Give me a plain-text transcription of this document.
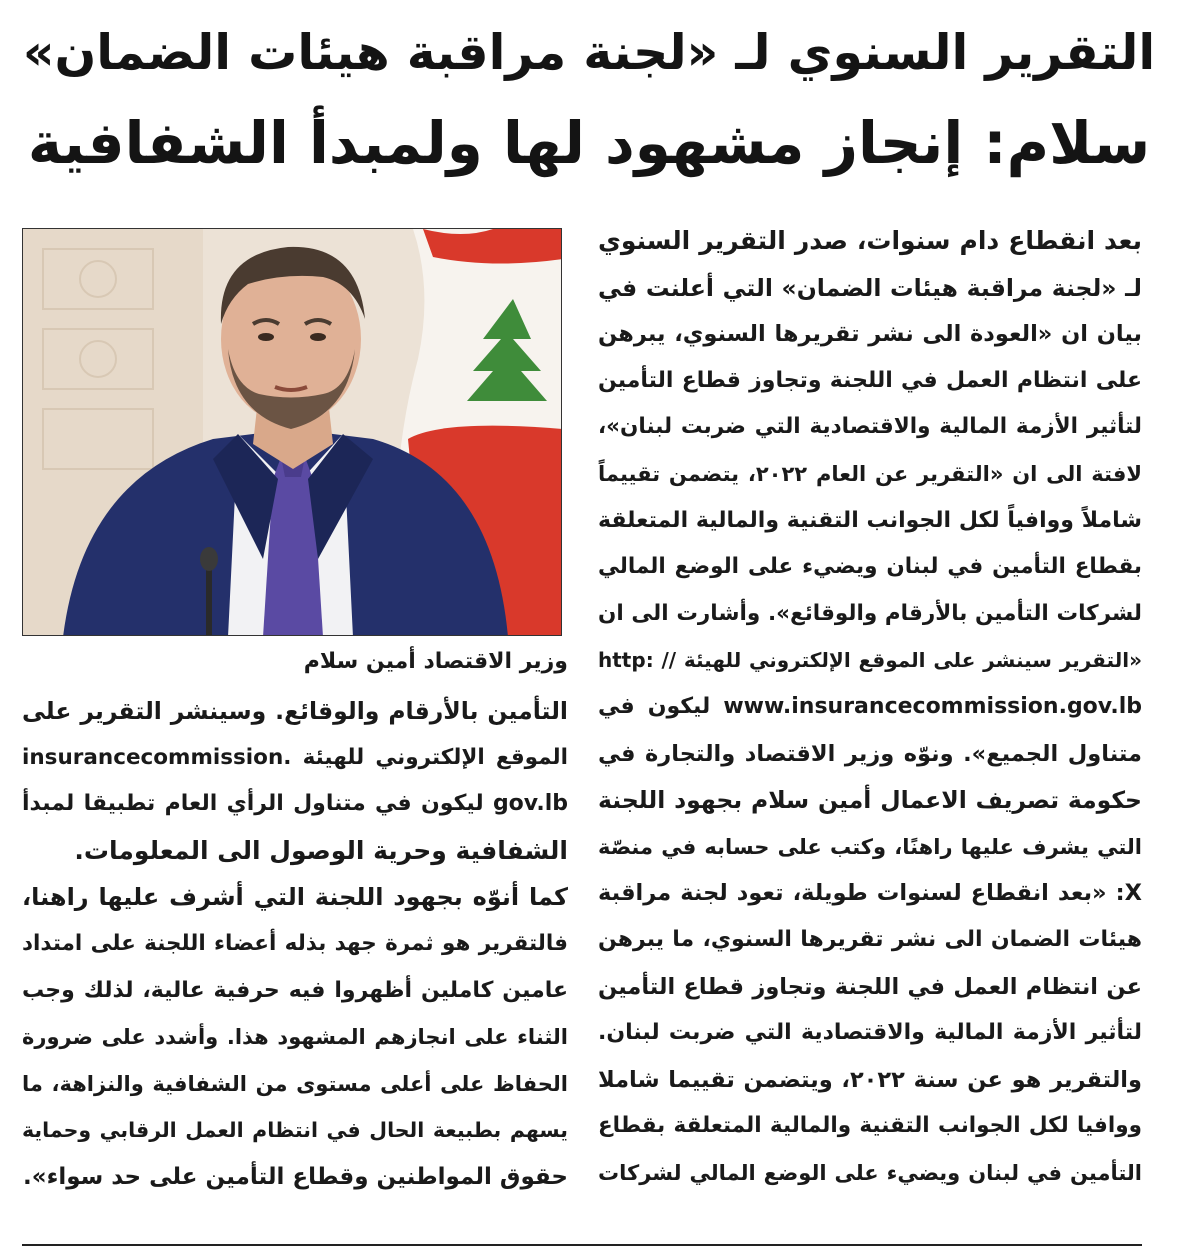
التقرير السنوي لـ «لجنة مراقبة هيئات الضمان»
سلام: إنجاز مشهود لها ولمبدأ الشفافية
بعد انقطاع دام سنوات، صدر التقرير السنوي
لـ «لجنة مراقبة هيئات الضمان» التي أعلنت في
بيان ان «العودة الى نشر تقريرها السنوي، يبرهن
على انتظام العمل في اللجنة وتجاوز قطاع التأمين
لتأثير الأزمة المالية والاقتصادية التي ضربت لبنان»،
لافتة الى ان «التقرير عن العام ٢٠٢٢، يتضمن تقييماً
شاملاً ووافياً لكل الجوانب التقنية والمالية المتعلقة
بقطاع التأمين في لبنان ويضيء على الوضع المالي
لشركات التأمين بالأرقام والوقائع». وأشارت الى ان
«التقرير سينشر على الموقع الإلكتروني للهيئة // :http
www.insurancecommission.gov.lb ليكون في
متناول الجميع». ونوّه وزير الاقتصاد والتجارة في
حكومة تصريف الاعمال أمين سلام بجهود اللجنة
التي يشرف عليها راهنًا، وكتب على حسابه في منصّة
X: «بعد انقطاع لسنوات طويلة، تعود لجنة مراقبة
هيئات الضمان الى نشر تقريرها السنوي، ما يبرهن
عن انتظام العمل في اللجنة وتجاوز قطاع التأمين
لتأثير الأزمة المالية والاقتصادية التي ضربت لبنان.
والتقرير هو عن سنة ٢٠٢٢، ويتضمن تقييما شاملا
ووافيا لكل الجوانب التقنية والمالية المتعلقة بقطاع
التأمين في لبنان ويضيء على الوضع المالي لشركات
وزير الاقتصاد أمين سلام
التأمين بالأرقام والوقائع. وسينشر التقرير على
الموقع الإلكتروني للهيئة .insurancecommission
gov.lb ليكون في متناول الرأي العام تطبيقا لمبدأ
الشفافية وحرية الوصول الى المعلومات.
كما أنوّه بجهود اللجنة التي أشرف عليها راهنا،
فالتقرير هو ثمرة جهد بذله أعضاء اللجنة على امتداد
عامين كاملين أظهروا فيه حرفية عالية، لذلك وجب
الثناء على انجازهم المشهود هذا. وأشدد على ضرورة
الحفاظ على أعلى مستوى من الشفافية والنزاهة، ما
يسهم بطبيعة الحال في انتظام العمل الرقابي وحماية
حقوق المواطنين وقطاع التأمين على حد سواء».
